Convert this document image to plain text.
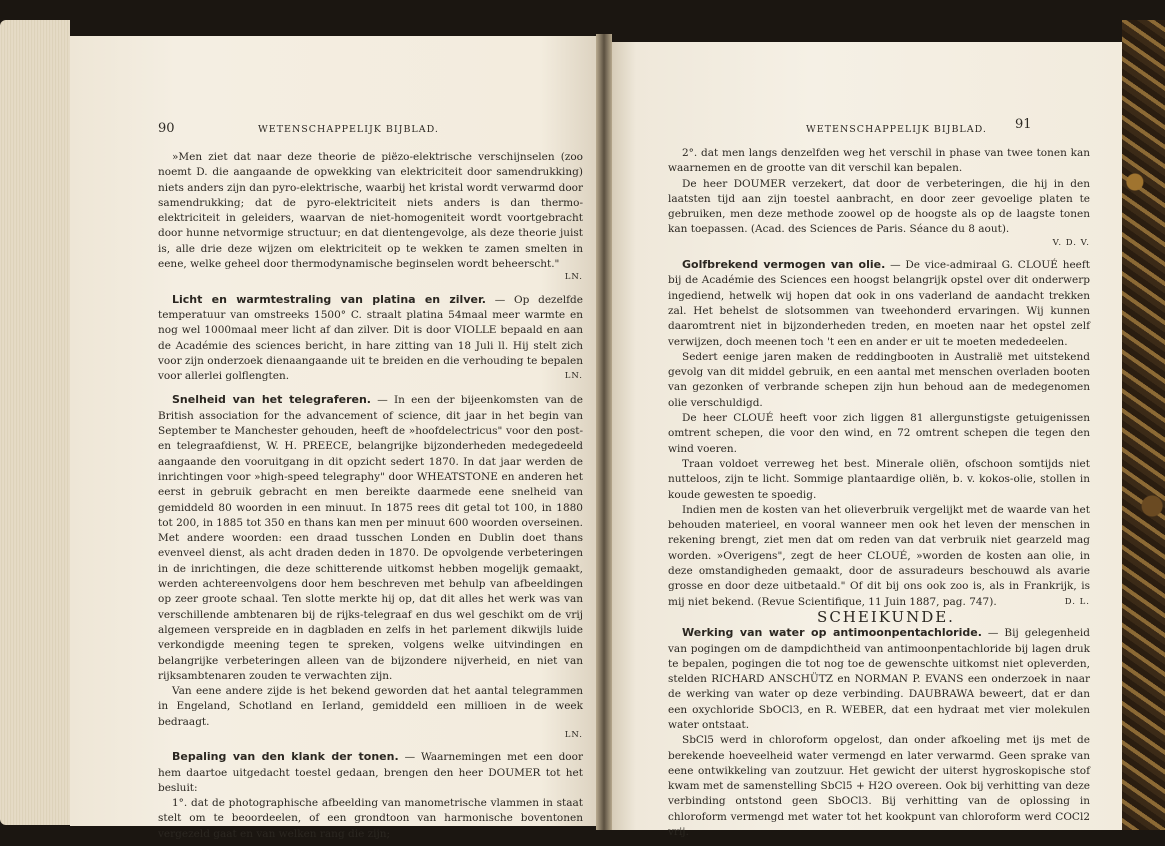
90	WETENSCHAPPELIJK BIJBLAD.

»Men ziet dat naar deze theorie de piëzo-elektrische verschijnselen (zoo noemt D. die aangaande de opwekking van elektriciteit door samendrukking) niets anders zijn dan pyro-elektrische, waarbij het kristal wordt verwarmd door samendrukking; dat de pyro-elektriciteit niets anders is dan thermo-elektriciteit in geleiders, waarvan de niet-homogeniteit wordt voortgebracht door hunne netvormige structuur; en dat dientengevolge, als deze theorie juist is, alle drie deze wijzen om elektriciteit op te wekken te zamen smelten in eene, welke geheel door thermodynamische beginselen wordt beheerscht."

LN.

Licht en warmtestraling van platina en zilver. — Op dezelfde temperatuur van omstreeks 1500° C. straalt platina 54maal meer warmte en nog wel 1000maal meer licht af dan zilver. Dit is door VIOLLE bepaald en aan de Académie des sciences bericht, in hare zitting van 18 Juli ll. Hij stelt zich voor zijn onderzoek dienaangaande uit te breiden en die verhouding te bepalen voor allerlei golflengten.	LN.

Snelheid van het telegraferen. — In een der bijeenkomsten van de British association for the advancement of science, dit jaar in het begin van September te Manchester gehouden, heeft de »hoofdelectricus" voor den post- en telegraafdienst, W. H. PREECE, belangrijke bijzonderheden medegedeeld aangaande den vooruitgang in dit opzicht sedert 1870. In dat jaar werden de inrichtingen voor »high-speed telegraphy" door WHEATSTONE en anderen het eerst in gebruik gebracht en men bereikte daarmede eene snelheid van gemiddeld 80 woorden in een minuut. In 1875 rees dit getal tot 100, in 1880 tot 200, in 1885 tot 350 en thans kan men per minuut 600 woorden overseinen. Met andere woorden: een draad tusschen Londen en Dublin doet thans evenveel dienst, als acht draden deden in 1870. De opvolgende verbeteringen in de inrichtingen, die deze schitterende uitkomst hebben mogelijk gemaakt, werden achtereenvolgens door hem beschreven met behulp van afbeeldingen op zeer groote schaal. Ten slotte merkte hij op, dat dit alles het werk was van verschillende ambtenaren bij de rijks-telegraaf en dus wel geschikt om de vrij algemeen verspreide en in dagbladen en zelfs in het parlement dikwijls luide verkondigde meening tegen te spreken, volgens welke uitvindingen en belangrijke verbeteringen alleen van de bijzondere nijverheid, en niet van rijksambtenaren zouden te verwachten zijn.

Van eene andere zijde is het bekend geworden dat het aantal telegrammen in Engeland, Schotland en Ierland, gemiddeld een millioen in de week bedraagt.

LN.

Bepaling van den klank der tonen. — Waarnemingen met een door hem daartoe uitgedacht toestel gedaan, brengen den heer DOUMER tot het besluit:

1°. dat de photographische afbeelding van manometrische vlammen in staat stelt om te beoordeelen, of een grondtoon van harmonische boventonen vergezeld gaat en van welken rang die zijn;

WETENSCHAPPELIJK BIJBLAD. 91

2°. dat men langs denzelfden weg het verschil in phase van twee tonen kan waarnemen en de grootte van dit verschil kan bepalen.

De heer DOUMER verzekert, dat door de verbeteringen, die hij in den laatsten tijd aan zijn toestel aanbracht, en door zeer gevoelige platen te gebruiken, men deze methode zoowel op de hoogste als op de laagste tonen kan toepassen. (Acad. des Sciences de Paris. Séance du 8 aout).

V. D. V.

Golfbrekend vermogen van olie. — De vice-admiraal G. CLOUÉ heeft bij de Académie des Sciences een hoogst belangrijk opstel over dit onderwerp ingediend, hetwelk wij hopen dat ook in ons vaderland de aandacht trekken zal. Het behelst de slotsommen van tweehonderd ervaringen. Wij kunnen daaromtrent niet in bijzonderheden treden, en moeten naar het opstel zelf verwijzen, doch meenen toch 't een en ander er uit te moeten mededeelen.

Sedert eenige jaren maken de reddingbooten in Australië met uitstekend gevolg van dit middel gebruik, en een aantal met menschen overladen booten van gezonken of verbrande schepen zijn hun behoud aan de medegenomen olie verschuldigd.

De heer CLOUÉ heeft voor zich liggen 81 allergunstigste getuigenissen omtrent schepen, die voor den wind, en 72 omtrent schepen die tegen den wind voeren.

Traan voldoet verreweg het best. Minerale oliën, ofschoon somtijds niet nutteloos, zijn te licht. Sommige plantaardige oliën, b. v. kokos-olie, stollen in koude gewesten te spoedig.

Indien men de kosten van het olieverbruik vergelijkt met de waarde van het behouden materieel, en vooral wanneer men ook het leven der menschen in rekening brengt, ziet men dat om reden van dat verbruik niet gearzeld mag worden. »Overigens", zegt de heer CLOUÉ, »worden de kosten aan olie, in deze omstandigheden gemaakt, door de assuradeurs beschouwd als avarie grosse en door deze uitbetaald." Of dit bij ons ook zoo is, als in Frankrijk, is mij niet bekend. (Revue Scientifique, 11 Juin 1887, pag. 747).	D. L.

SCHEIKUNDE.

Werking van water op antimoonpentachloride. — Bij gelegenheid van pogingen om de dampdichtheid van antimoonpentachloride bij lagen druk te bepalen, pogingen die tot nog toe de gewenschte uitkomst niet opleverden, stelden RICHARD ANSCHÜTZ en NORMAN P. EVANS een onderzoek in naar de werking van water op deze verbinding. DAUBRAWA beweert, dat er dan een oxychloride SbOCl3, en R. WEBER, dat een hydraat met vier molekulen water ontstaat.

SbCl5 werd in chloroform opgelost, dan onder afkoeling met ijs met de berekende hoeveelheid water vermengd en later verwarmd. Geen sprake van eene ontwikkeling van zoutzuur. Het gewicht der uiterst hygroskopische stof kwam met de samenstelling SbCl5 + H2O overeen. Ook bij verhitting van deze verbinding ontstond geen SbOCl3. Bij verhitting van de oplossing in chloroform vermengd met water tot het kookpunt van chloroform werd COCl2 vrij.
